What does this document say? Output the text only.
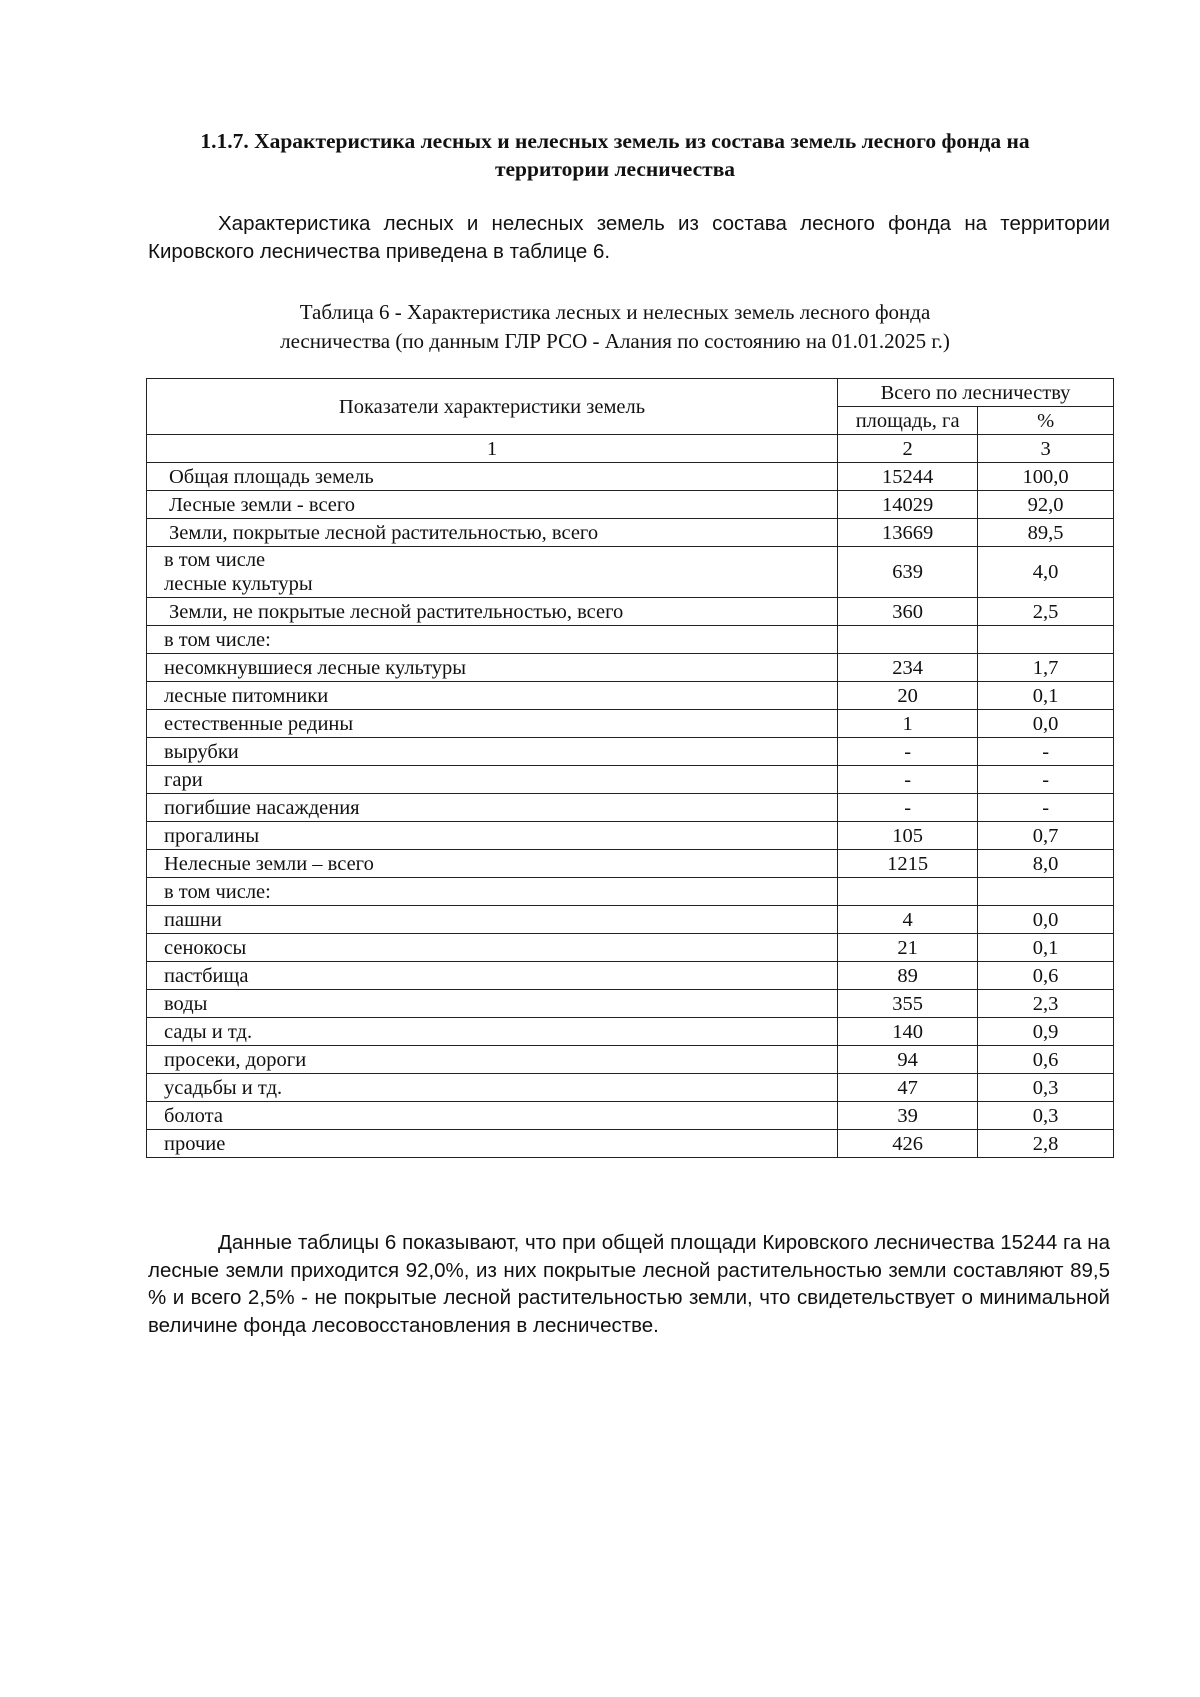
1.1.7. Характеристика лесных и нелесных земель из состава земель лесного фонда на
территории лесничества

Характеристика лесных и нелесных земель из состава лесного фонда на территории Кировского лесничества приведена в таблице 6.

Таблица 6 - Характеристика лесных и нелесных земель лесного фонда
лесничества (по данным ГЛР РСО - Алания по состоянию на 01.01.2025 г.)

Показатели характеристики земель	Всего по лесничеству	
	площадь, га	%
1	2	3
Общая площадь земель	15244	100,0
Лесные земли - всего	14029	92,0
Земли, покрытые лесной растительностью, всего	13669	89,5
в том числе
лесные культуры	639	4,0
Земли, не покрытые лесной растительностью, всего	360	2,5
в том числе:		
несомкнувшиеся лесные культуры	234	1,7
лесные питомники	20	0,1
естественные редины	1	0,0
вырубки	-	-
гари	-	-
погибшие насаждения	-	-
прогалины	105	0,7
Нелесные земли – всего	1215	8,0
в том числе:		
пашни	4	0,0
сенокосы	21	0,1
пастбища	89	0,6
воды	355	2,3
сады и тд.	140	0,9
просеки, дороги	94	0,6
усадьбы и тд.	47	0,3
болота	39	0,3
прочие	426	2,8

Данные таблицы 6 показывают, что при общей площади Кировского лесничества 15244 га на лесные земли приходится 92,0%, из них покрытые лесной растительностью земли составляют 89,5 % и всего 2,5% - не покрытые лесной растительностью земли, что свидетельствует о минимальной величине фонда лесовосстановления в лесничестве.
